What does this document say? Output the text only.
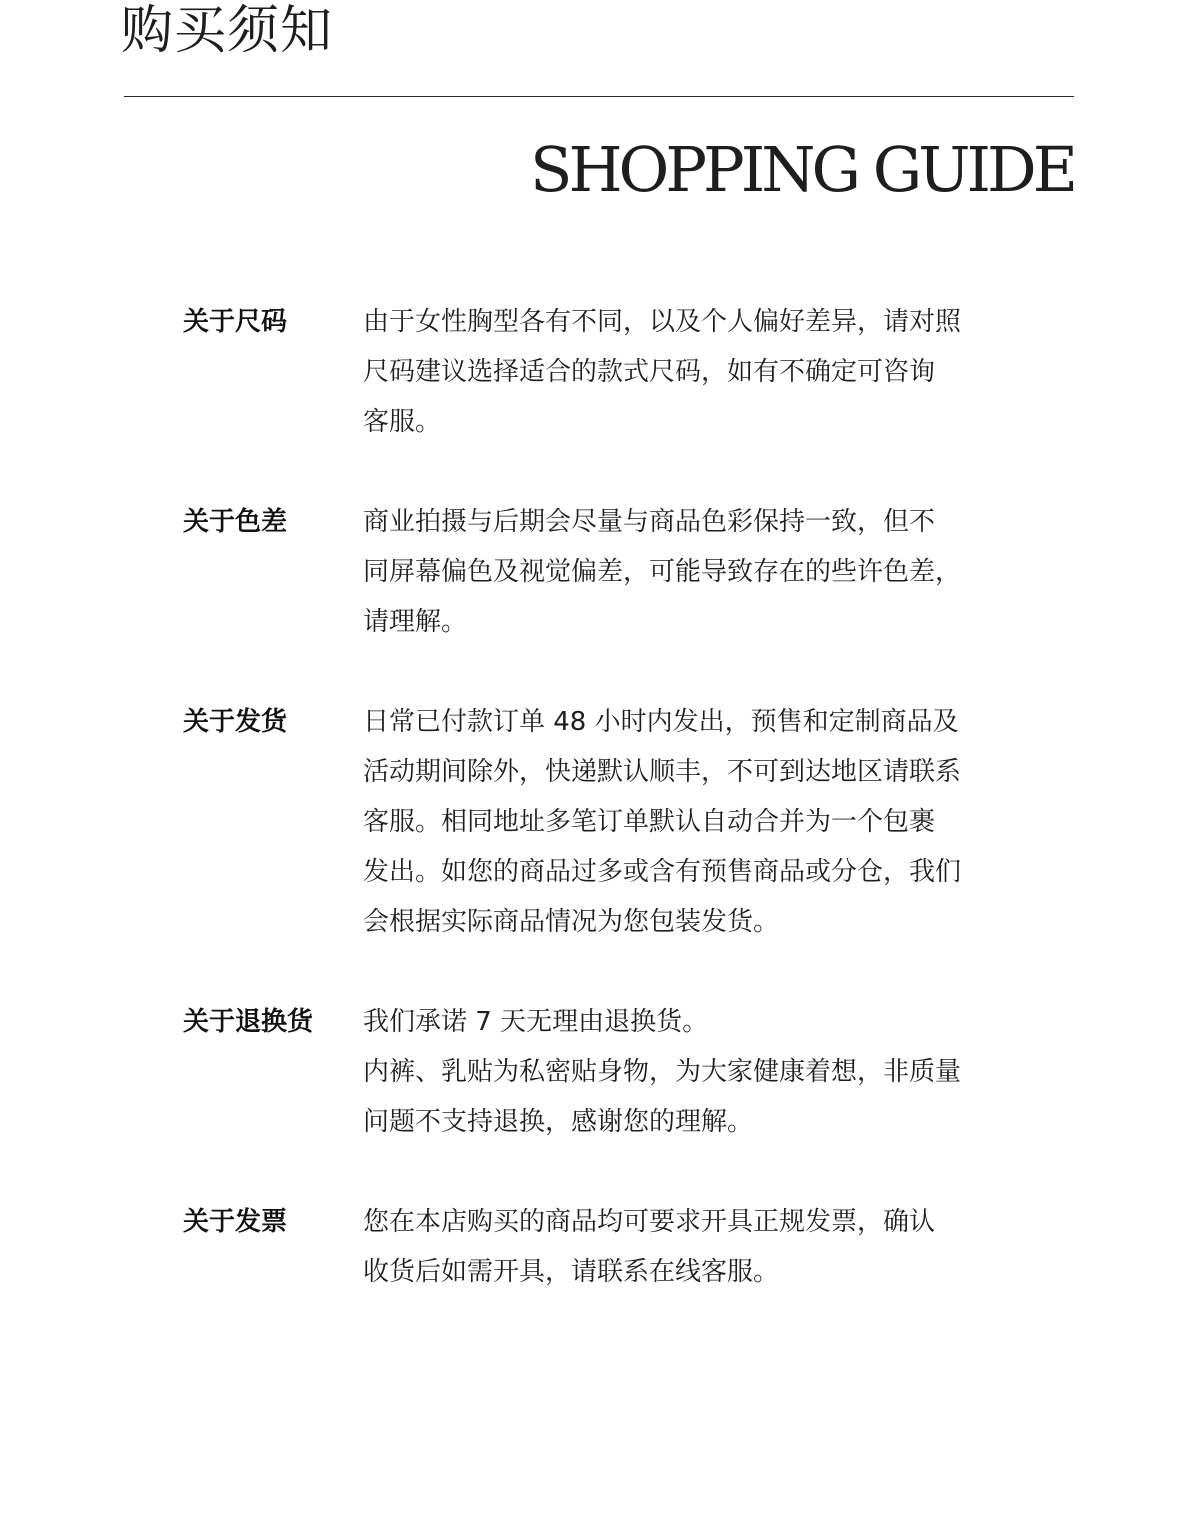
购买须知
SHOPPING GUIDE
关于尺码	由于女性胸型各有不同，以及个人偏好差异，请对照
尺码建议选择适合的款式尺码，如有不确定可咨询
客服。
关于色差	商业拍摄与后期会尽量与商品色彩保持一致，但不
同屏幕偏色及视觉偏差，可能导致存在的些许色差，
请理解。
关于发货	日常已付款订单 48 小时内发出，预售和定制商品及
活动期间除外，快递默认顺丰，不可到达地区请联系
客服。相同地址多笔订单默认自动合并为一个包裹
发出。如您的商品过多或含有预售商品或分仓，我们
会根据实际商品情况为您包装发货。
关于退换货 我们承诺 7 天无理由退换货。
内裤、乳贴为私密贴身物，为大家健康着想，非质量
问题不支持退换，感谢您的理解。
关于发票	您在本店购买的商品均可要求开具正规发票，确认
收货后如需开具，请联系在线客服。
